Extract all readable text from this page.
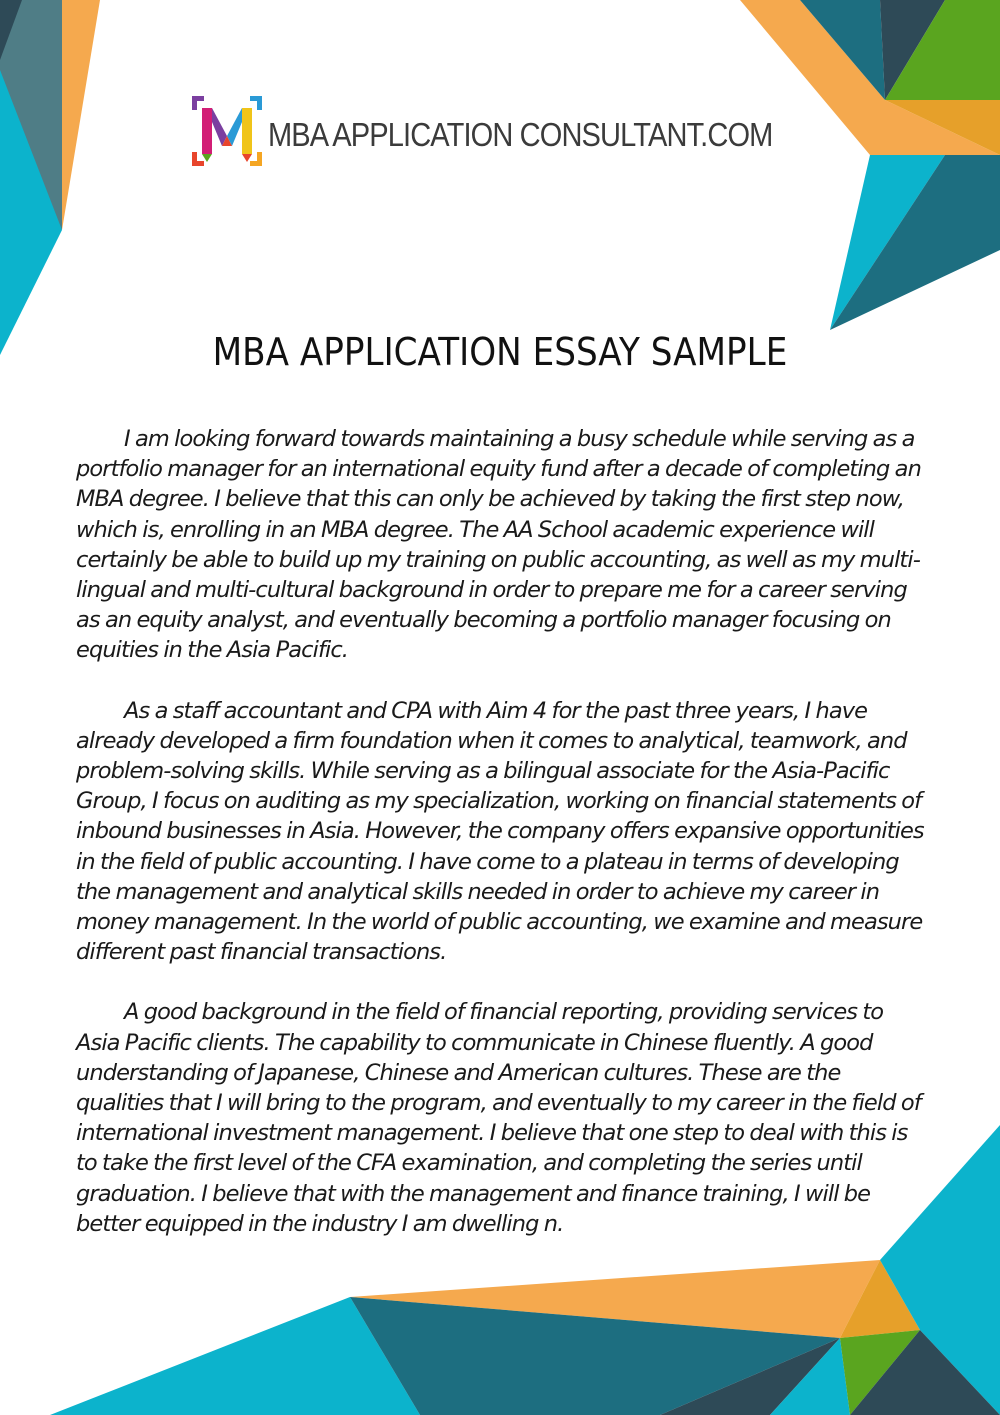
MBA APPLICATION CONSULTANT.COM
MBA APPLICATION ESSAY SAMPLE

I am looking forward towards maintaining a busy schedule while serving as a portfolio manager for an international equity fund after a decade of completing an MBA degree. I believe that this can only be achieved by taking the first step now, which is, enrolling in an MBA degree. The AA School academic experience will certainly be able to build up my training on public accounting, as well as my multi-lingual and multi-cultural background in order to prepare me for a career serving as an equity analyst, and eventually becoming a portfolio manager focusing on equities in the Asia Pacific.

As a staff accountant and CPA with Aim 4 for the past three years, I have already developed a firm foundation when it comes to analytical, teamwork, and problem-solving skills. While serving as a bilingual associate for the Asia-Pacific Group, I focus on auditing as my specialization, working on financial statements of inbound businesses in Asia. However, the company offers expansive opportunities in the field of public accounting. I have come to a plateau in terms of developing the management and analytical skills needed in order to achieve my career in money management. In the world of public accounting, we examine and measure different past financial transactions.

A good background in the field of financial reporting, providing services to Asia Pacific clients. The capability to communicate in Chinese fluently. A good understanding of Japanese, Chinese and American cultures. These are the qualities that I will bring to the program, and eventually to my career in the field of international investment management. I believe that one step to deal with this is to take the first level of the CFA examination, and completing the series until graduation. I believe that with the management and finance training, I will be better equipped in the industry I am dwelling n.
